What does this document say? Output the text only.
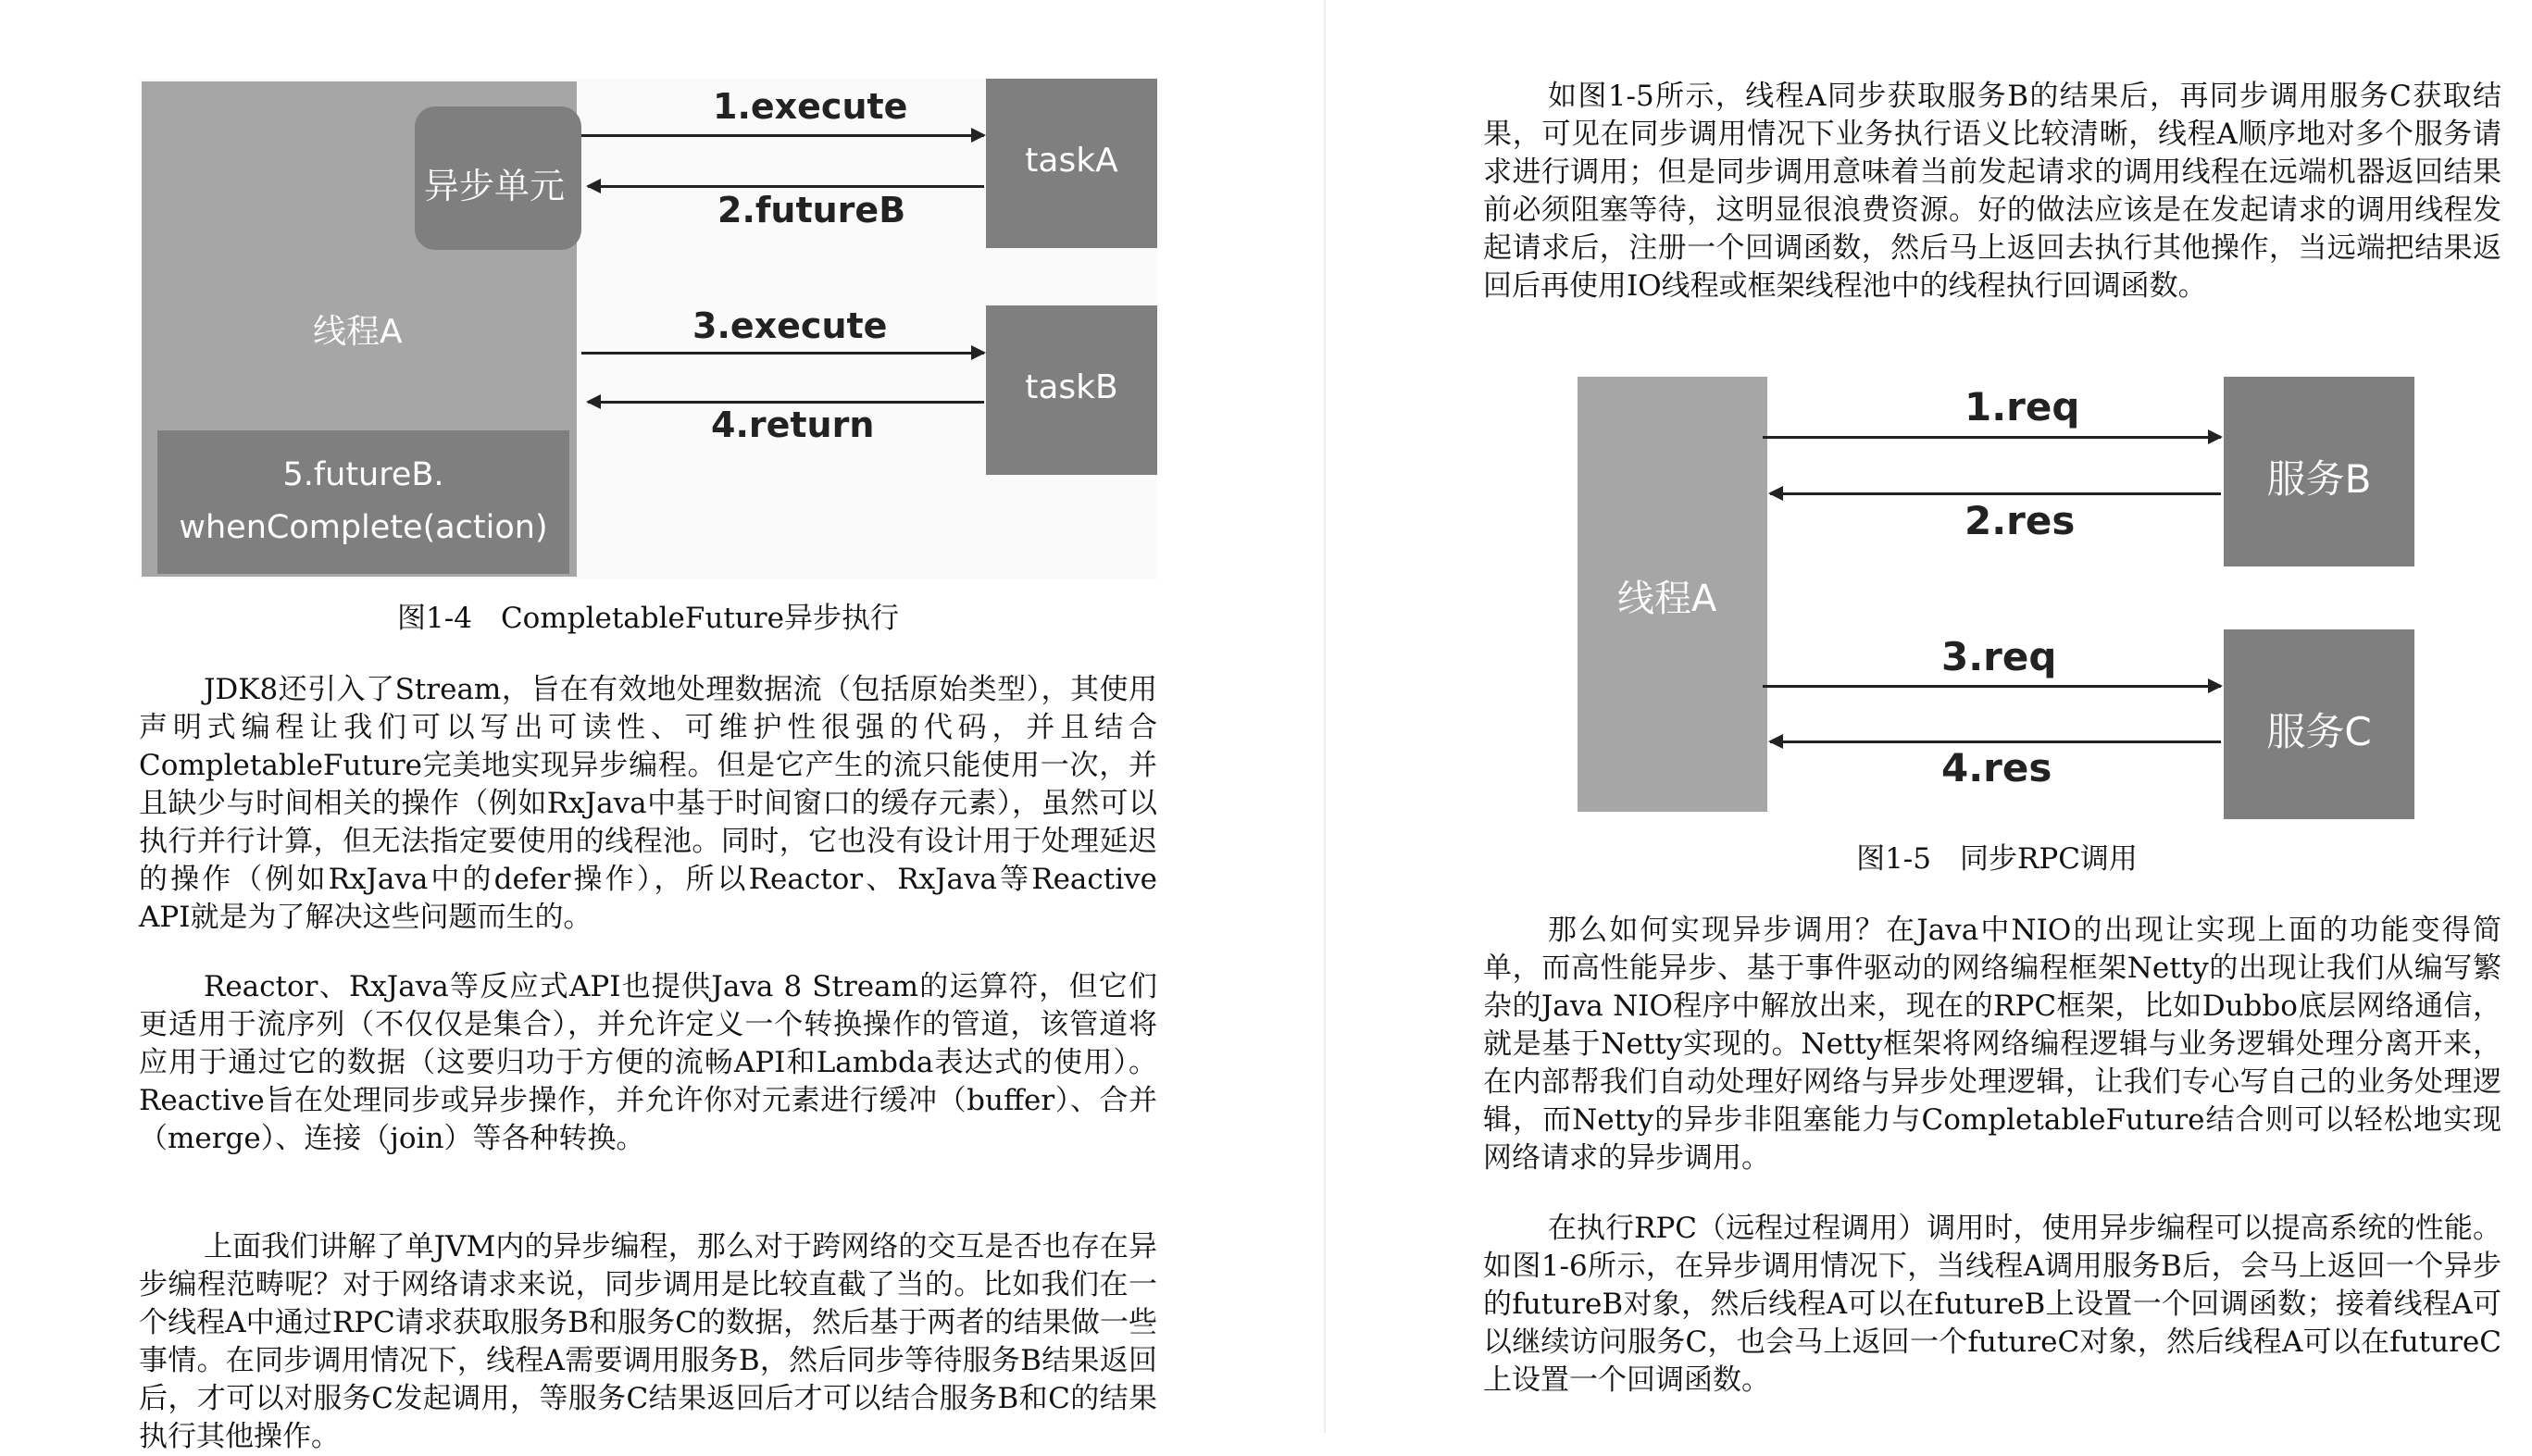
线程A
异步单元
5.futureB.
whenComplete(action)
taskA
taskB
1.execute
2.futureB
3.execute
4.return

图1-4　CompletableFuture异步执行

JDK8还引入了Stream，旨在有效地处理数据流（包括原始类型），其使用声明式编程让我们可以写出可读性、可维护性很强的代码，并且结合CompletableFuture完美地实现异步编程。但是它产生的流只能使用一次，并且缺少与时间相关的操作（例如RxJava中基于时间窗口的缓存元素），虽然可以执行并行计算，但无法指定要使用的线程池。同时，它也没有设计用于处理延迟的操作（例如RxJava中的defer操作），所以Reactor、RxJava等Reactive API就是为了解决这些问题而生的。

Reactor、RxJava等反应式API也提供Java 8 Stream的运算符，但它们更适用于流序列（不仅仅是集合），并允许定义一个转换操作的管道，该管道将应用于通过它的数据（这要归功于方便的流畅API和Lambda表达式的使用）。Reactive旨在处理同步或异步操作，并允许你对元素进行缓冲（buffer）、合并（merge）、连接（join）等各种转换。

上面我们讲解了单JVM内的异步编程，那么对于跨网络的交互是否也存在异步编程范畴呢？对于网络请求来说，同步调用是比较直截了当的。比如我们在一个线程A中通过RPC请求获取服务B和服务C的数据，然后基于两者的结果做一些事情。在同步调用情况下，线程A需要调用服务B，然后同步等待服务B结果返回后，才可以对服务C发起调用，等服务C结果返回后才可以结合服务B和C的结果执行其他操作。

如图1-5所示，线程A同步获取服务B的结果后，再同步调用服务C获取结果，可见在同步调用情况下业务执行语义比较清晰，线程A顺序地对多个服务请求进行调用；但是同步调用意味着当前发起请求的调用线程在远端机器返回结果前必须阻塞等待，这明显很浪费资源。好的做法应该是在发起请求的调用线程发起请求后，注册一个回调函数，然后马上返回去执行其他操作，当远端把结果返回后再使用IO线程或框架线程池中的线程执行回调函数。

线程A
服务B
服务C
1.req
2.res
3.req
4.res

图1-5　同步RPC调用

那么如何实现异步调用？在Java中NIO的出现让实现上面的功能变得简单，而高性能异步、基于事件驱动的网络编程框架Netty的出现让我们从编写繁杂的Java NIO程序中解放出来，现在的RPC框架，比如Dubbo底层网络通信，就是基于Netty实现的。Netty框架将网络编程逻辑与业务逻辑处理分离开来，在内部帮我们自动处理好网络与异步处理逻辑，让我们专心写自己的业务处理逻辑，而Netty的异步非阻塞能力与CompletableFuture结合则可以轻松地实现网络请求的异步调用。

在执行RPC（远程过程调用）调用时，使用异步编程可以提高系统的性能。如图1-6所示，在异步调用情况下，当线程A调用服务B后，会马上返回一个异步的futureB对象，然后线程A可以在futureB上设置一个回调函数；接着线程A可以继续访问服务C，也会马上返回一个futureC对象，然后线程A可以在futureC上设置一个回调函数。
